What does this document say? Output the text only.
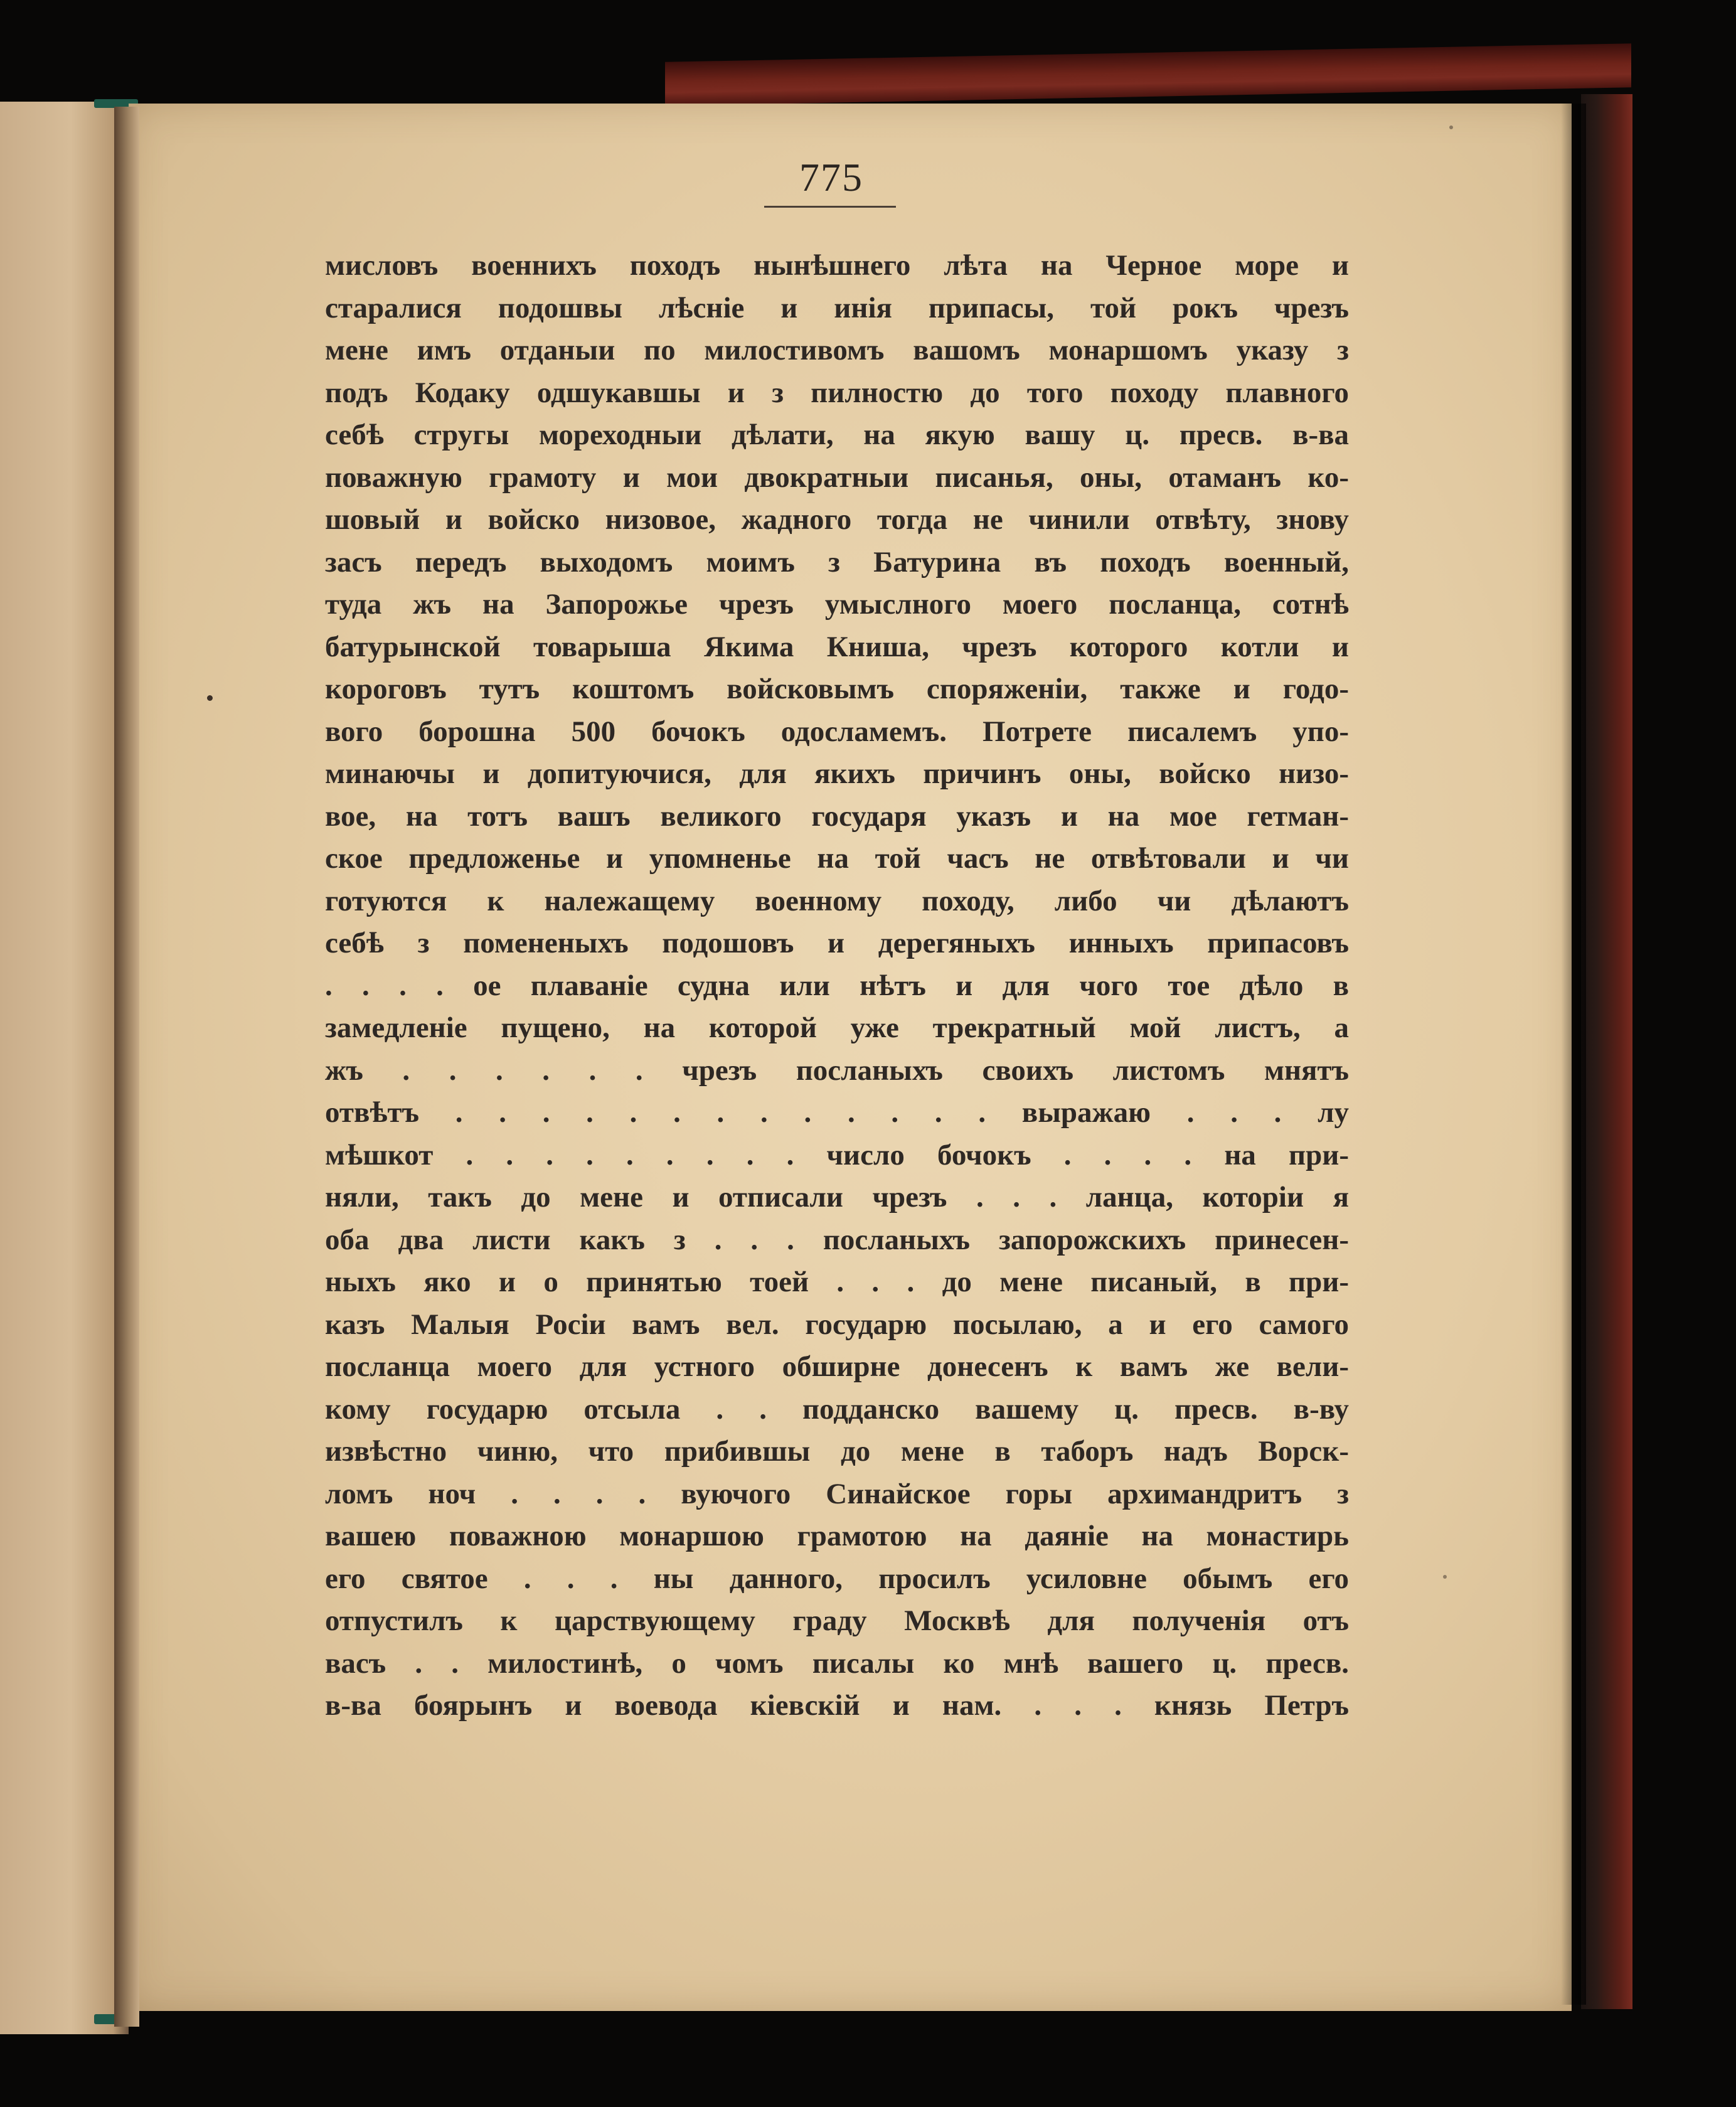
775
мисловъ военнихъ походъ нынѣшнего лѣта на Черное море и
старалися подошвы лѣсніе и инія припасы, той рокъ чрезъ
мене имъ отданыи по милостивомъ вашомъ монаршомъ указу з
подъ Кодаку одшукавшы и з пилностю до того походу плавного
себѣ стругы мореходныи дѣлати, на якую вашу ц. пресв. в-ва
поважную грамоту и мои двократныи писанья, оны, отаманъ ко-
шовый и войско низовое, жадного тогда не чинили отвѣту, знову
засъ передъ выходомъ моимъ з Батурина въ походъ военный,
туда жъ на Запорожье чрезъ умыслного моего посланца, сотнѣ
батурынской товарыша Якима Книша, чрезъ которого котли и
короговъ тутъ коштомъ войсковымъ споряженіи, также и годо-
вого борошна 500 бочокъ одосламемъ. Потрете писалемъ упо-
минаючы и допитуючися, для якихъ причинъ оны, войско низо-
вое, на тотъ вашъ великого государя указъ и на мое гетман-
ское предложенье и упомненье на той часъ не отвѣтовали и чи
готуются к належащему военному походу, либо чи дѣлаютъ
себѣ з помененыхъ подошовъ и дерегяныхъ инныхъ припасовъ
. . . . ое плаваніе судна или нѣтъ и для чого тое дѣло в
замедленіе пущено, на которой уже трекратный мой листъ, а
жъ . . . . . . чрезъ посланыхъ своихъ листомъ мнятъ
отвѣтъ . . . . . . . . . . . . . выражаю . . . лу
мѣшкот . . . . . . . . . число бочокъ . . . . на при-
няли, такъ до мене и отписали чрезъ . . . ланца, которіи я
оба два листи какъ з . . . посланыхъ запорожскихъ принесен-
ныхъ яко и о принятью тоей . . . до мене писаный, в при-
казъ Малыя Росіи вамъ вел. государю посылаю, а и его самого
посланца моего для устного обширне донесенъ к вамъ же вели-
кому государю отсыла . . подданско вашему ц. пресв. в-ву
извѣстно чиню, что прибившы до мене в таборъ надъ Ворск-
ломъ ноч . . . . вуючого Синайское горы архимандритъ з
вашею поважною монаршою грамотою на даяніе на монастирь
его святое . . . ны данного, просилъ усиловне обымъ его
отпустилъ к царствующему граду Москвѣ для полученія отъ
васъ . . милостинѣ, о чомъ писалы ко мнѣ вашего ц. пресв.
в-ва боярынъ и воевода кіевскій и нам. . . . князь Петръ
